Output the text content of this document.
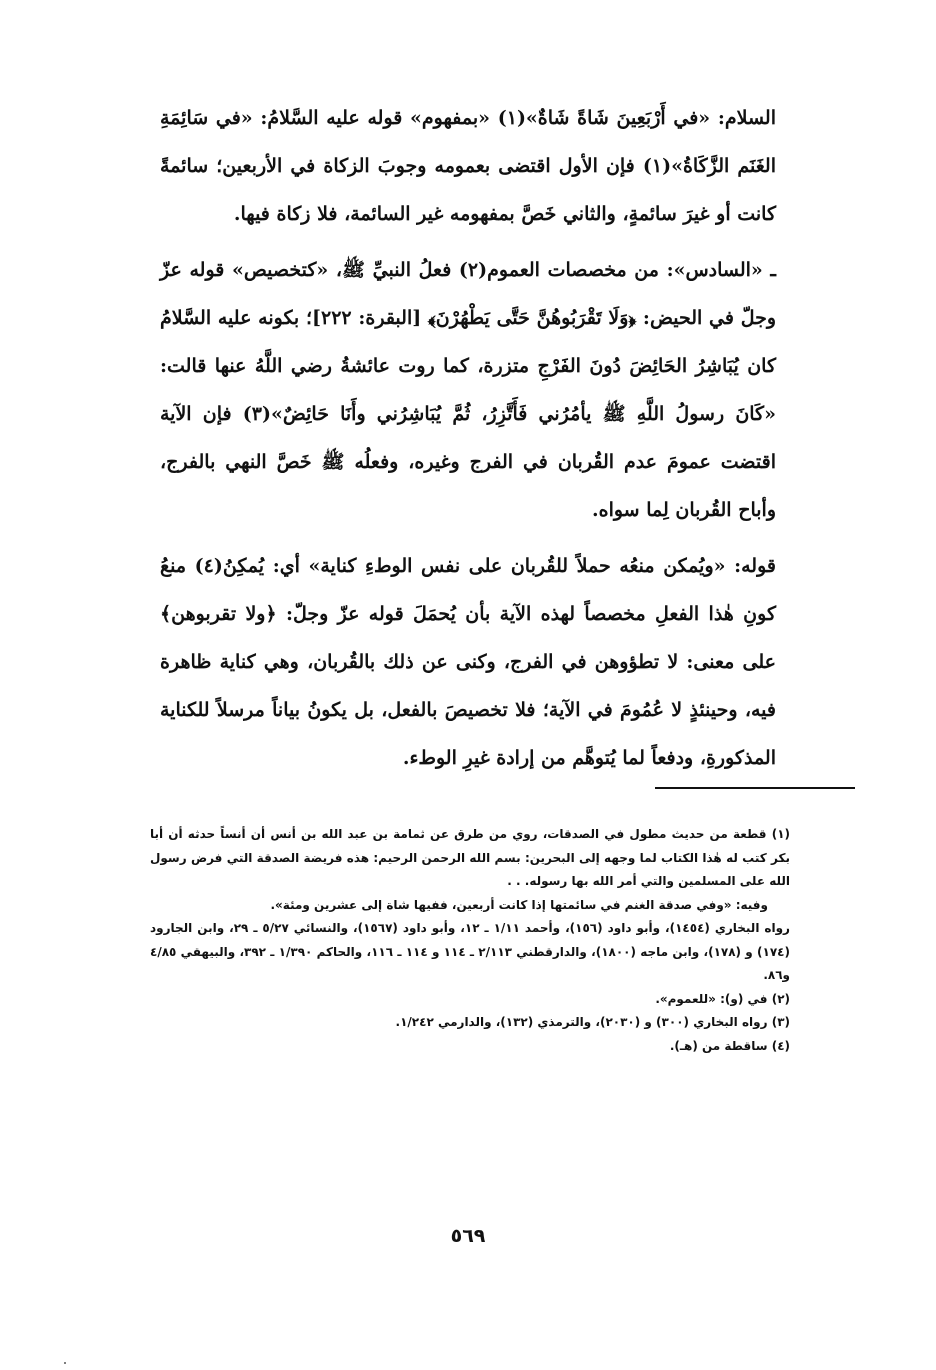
السلام: «في أَرْبَعِينَ شَاةً شَاةٌ»(١) «بمفهوم» قوله عليه السَّلامُ: «في سَائِمَةِ الغَنَم الزَّكَاةُ»(١) فإن الأول اقتضى بعمومه وجوبَ الزكاة في الأربعين؛ سائمةً كانت أو غيرَ سائمةٍ، والثاني خَصَّ بمفهومه غير السائمة، فلا زكاة فيها.

ـ «السادس»: من مخصصات العموم(٢) فعلُ النبيِّ ﷺ، «كتخصيص» قوله عزّ وجلّ في الحيض: ﴿وَلَا تَقْرَبُوهُنَّ حَتَّى يَطْهُرْنَ﴾ [البقرة: ٢٢٢]؛ بكونه عليه السَّلامُ كان يُبَاشِرُ الحَائِضَ دُونَ الفَرْجِ متزرة، كما روت عائشةُ رضي اللَّهُ عنها قالت: «كَانَ رسولُ اللَّهِ ﷺ يأمُرُني فَأَتَّزِرُ، ثُمَّ يُبَاشِرُني وأَنَا حَائِضٌ»(٣) فإن الآية اقتضت عمومَ عدم القُربان في الفرج وغيره، وفعلُه ﷺ خَصَّ النهي بالفرج، وأباح القُربان لِما سواه.

قوله: «ويُمكن منعُه حملاً للقُربان على نفس الوطءِ كناية» أي: يُمكِنُ(٤) منعُ كونِ هٰذا الفعلِ مخصصاً لهذه الآية بأن يُحمَلَ قوله عزّ وجلّ: ﴿ولا تقربوهن﴾ على معنى: لا تطؤوهن في الفرج، وكنى عن ذلك بالقُربان، وهي كناية ظاهرة فيه، وحينئذٍ لا عُمُومَ في الآية؛ فلا تخصيصَ بالفعل، بل يكونُ بياناً مرسلاً للكناية المذكورةِ، ودفعاً لما يُتوهَّم من إرادة غيرِ الوطء.

(١) قطعة من حديث مطول في الصدقات، روي من طرق عن ثمامة بن عبد الله بن أنس أن أنساً حدثه أن أبا بكر كتب له هٰذا الكتاب لما وجهه إلى البحرين: بسم الله الرحمن الرحيم: هذه فريضة الصدقة التي فرض رسول الله على المسلمين والتي أمر الله بها رسوله. . .

وفيه: «وفي صدقة الغنم في سائمتها إذا كانت أربعين، ففيها شاة إلى عشرين ومئة».

رواه البخاري (١٤٥٤)، وأبو داود (١٥٦)، وأحمد ١/١١ ـ ١٢، وأبو داود (١٥٦٧)، والنسائي ٥/٢٧ ـ ٢٩، وابن الجارود (١٧٤) و (١٧٨)، وابن ماجه (١٨٠٠)، والدارقطني ٢/١١٣ ـ ١١٤ و ١١٤ ـ ١١٦، والحاكم ١/٣٩٠ ـ ٣٩٢، والبيهقي ٤/٨٥ و٨٦.

(٢) في (و): «للعموم».

(٣) رواه البخاري (٣٠٠) و (٢٠٣٠)، والترمذي (١٣٢)، والدارمي ١/٢٤٢.

(٤) ساقطة من (هـ).

٥٦٩
